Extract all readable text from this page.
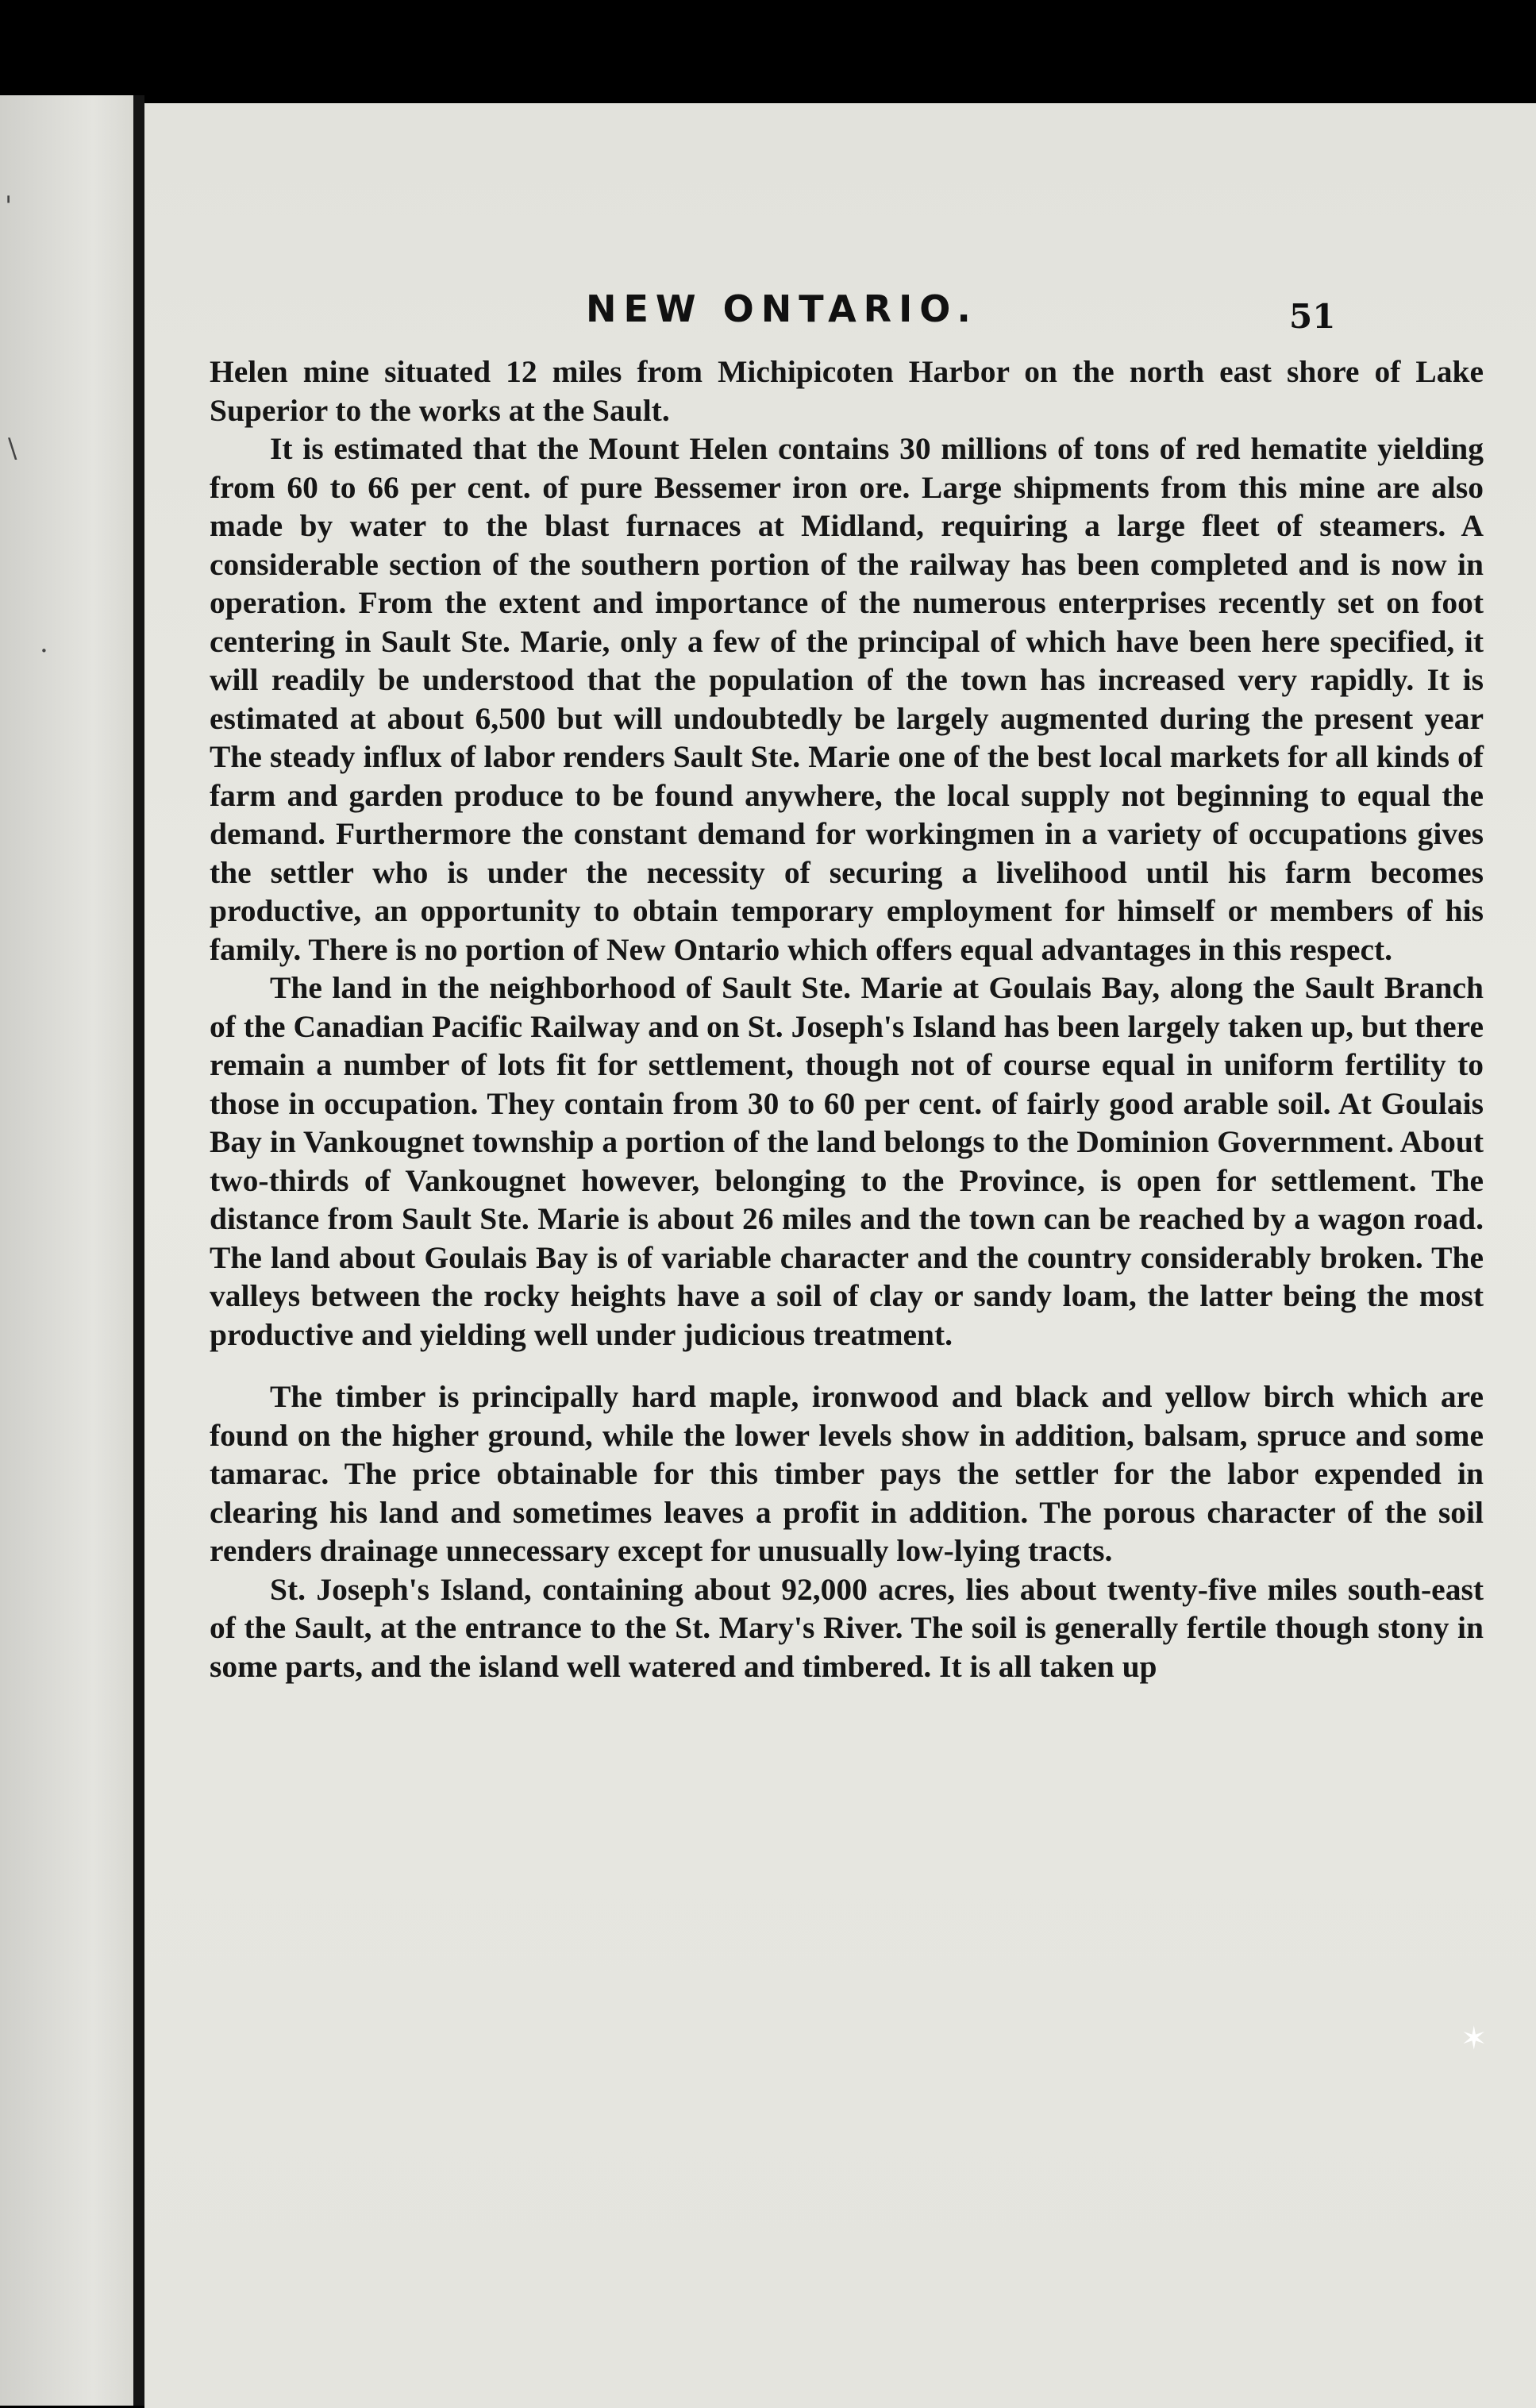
'
\
.
NEW ONTARIO.	51

Helen mine situated 12 miles from Michipicoten Harbor on the north east shore of Lake Superior to the works at the Sault.

It is estimated that the Mount Helen contains 30 millions of tons of red hematite yielding from 60 to 66 per cent. of pure Bessemer iron ore. Large shipments from this mine are also made by water to the blast furnaces at Midland, requiring a large fleet of steamers. A considerable section of the southern portion of the railway has been completed and is now in operation. From the extent and importance of the numerous enterprises recently set on foot centering in Sault Ste. Marie, only a few of the principal of which have been here specified, it will readily be understood that the population of the town has increased very rapidly. It is estimated at about 6,500 but will undoubtedly be largely augmented during the present year The steady influx of labor renders Sault Ste. Marie one of the best local markets for all kinds of farm and garden produce to be found anywhere, the local supply not beginning to equal the demand. Furthermore the constant demand for workingmen in a variety of occupations gives the settler who is under the necessity of securing a livelihood until his farm becomes productive, an opportunity to obtain temporary employment for himself or members of his family. There is no portion of New Ontario which offers equal advantages in this respect.

The land in the neighborhood of Sault Ste. Marie at Goulais Bay, along the Sault Branch of the Canadian Pacific Railway and on St. Joseph's Island has been largely taken up, but there remain a number of lots fit for settlement, though not of course equal in uniform fertility to those in occupation. They contain from 30 to 60 per cent. of fairly good arable soil. At Goulais Bay in Vankougnet township a portion of the land belongs to the Dominion Government. About two-thirds of Vankougnet however, belonging to the Province, is open for settlement. The distance from Sault Ste. Marie is about 26 miles and the town can be reached by a wagon road. The land about Goulais Bay is of variable character and the country considerably broken. The valleys between the rocky heights have a soil of clay or sandy loam, the latter being the most productive and yielding well under judicious treatment.

The timber is principally hard maple, ironwood and black and yellow birch which are found on the higher ground, while the lower levels show in addition, balsam, spruce and some tamarac. The price obtainable for this timber pays the settler for the labor expended in clearing his land and sometimes leaves a profit in addition. The porous character of the soil renders drainage unnecessary except for unusually low-lying tracts.

St. Joseph's Island, containing about 92,000 acres, lies about twenty-five miles south-east of the Sault, at the entrance to the St. Mary's River. The soil is generally fertile though stony in some parts, and the island well watered and timbered. It is all taken up

✶
